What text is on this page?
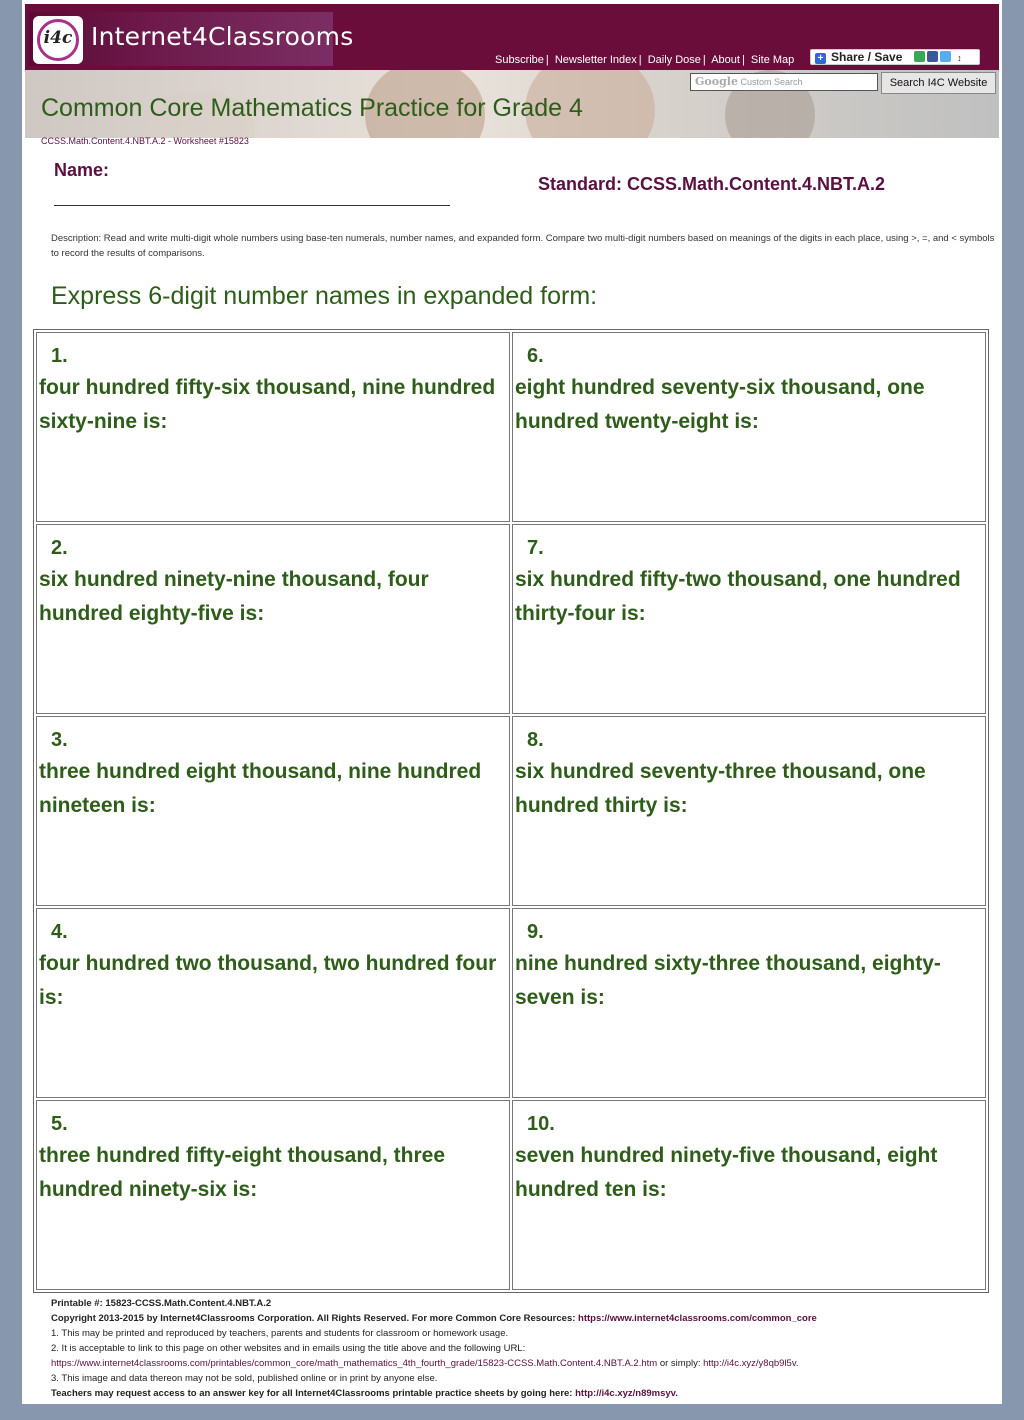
i4c Internet4Classrooms
Subscribe | Newsletter Index | Daily Dose | About | Site Map	+ Share / Save	↕
Google Custom Search	Search I4C Website
Common Core Mathematics Practice for Grade 4
CCSS.Math.Content.4.NBT.A.2 - Worksheet #15823
Name:
Standard: CCSS.Math.Content.4.NBT.A.2
Description: Read and write multi-digit whole numbers using base-ten numerals, number names, and expanded form. Compare two multi-digit numbers based on meanings of the digits in each place, using >, =, and < symbols to record the results of comparisons.
Express 6-digit number names in expanded form:
1.
four hundred fifty-six thousand, nine hundred sixty-nine is:
6.
eight hundred seventy-six thousand, one hundred twenty-eight is:
2.
six hundred ninety-nine thousand, four hundred eighty-five is:
7.
six hundred fifty-two thousand, one hundred thirty-four is:
3.
three hundred eight thousand, nine hundred nineteen is:
8.
six hundred seventy-three thousand, one hundred thirty is:
4.
four hundred two thousand, two hundred four is:
9.
nine hundred sixty-three thousand, eighty-seven is:
5.
three hundred fifty-eight thousand, three hundred ninety-six is:
10.
seven hundred ninety-five thousand, eight hundred ten is:
Printable #: 15823-CCSS.Math.Content.4.NBT.A.2
Copyright 2013-2015 by Internet4Classrooms Corporation. All Rights Reserved. For more Common Core Resources: https://www.internet4classrooms.com/common_core
1. This may be printed and reproduced by teachers, parents and students for classroom or homework usage.
2. It is acceptable to link to this page on other websites and in emails using the title above and the following URL:
https://www.internet4classrooms.com/printables/common_core/math_mathematics_4th_fourth_grade/15823-CCSS.Math.Content.4.NBT.A.2.htm or simply: http://i4c.xyz/y8qb9l5v.
3. This image and data thereon may not be sold, published online or in print by anyone else.
Teachers may request access to an answer key for all Internet4Classrooms printable practice sheets by going here: http://i4c.xyz/n89msyv.
